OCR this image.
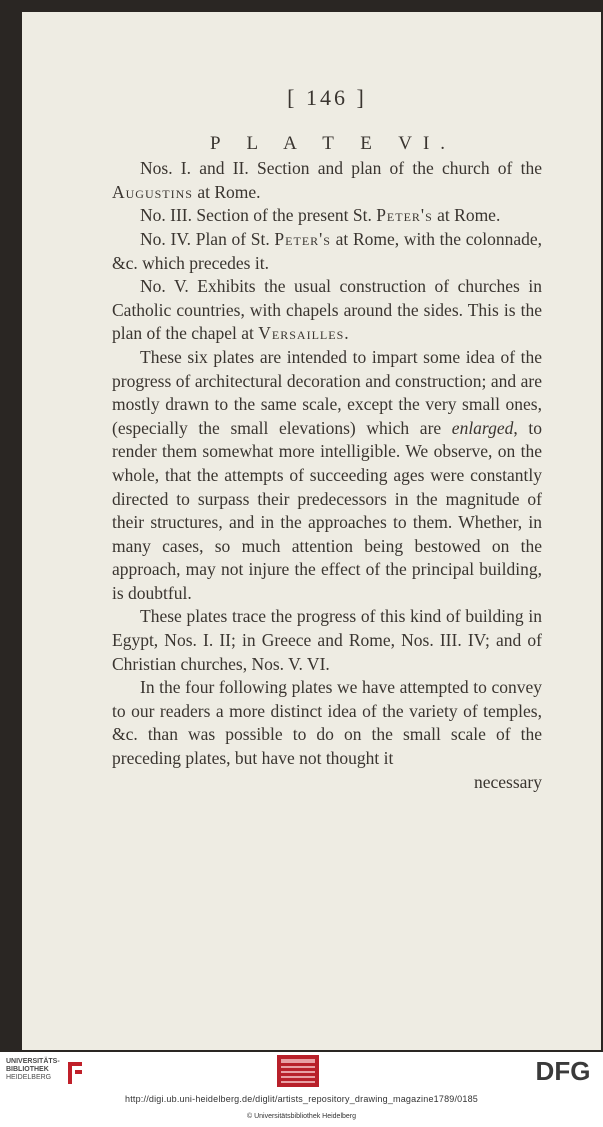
[ 146 ]

P L A T E VI.

Nos. I. and II. Section and plan of the church of the Augustins at Rome.

No. III. Section of the present St. Peter's at Rome.

No. IV. Plan of St. Peter's at Rome, with the colonnade, &c. which precedes it.

No. V. Exhibits the usual construction of churches in Catholic countries, with chapels around the sides. This is the plan of the chapel at Versailles.

These six plates are intended to impart some idea of the progress of architectural decoration and construction; and are mostly drawn to the same scale, except the very small ones, (especially the small elevations) which are enlarged, to render them somewhat more intelligible. We observe, on the whole, that the attempts of succeeding ages were constantly directed to surpass their predecessors in the magnitude of their structures, and in the approaches to them. Whether, in many cases, so much attention being bestowed on the approach, may not injure the effect of the principal building, is doubtful.

These plates trace the progress of this kind of building in Egypt, Nos. I. II; in Greece and Rome, Nos. III. IV; and of Christian churches, Nos. V. VI.

In the four following plates we have attempted to convey to our readers a more distinct idea of the variety of temples, &c. than was possible to do on the small scale of the preceding plates, but have not thought it

necessary

UNIVERSITÄTS-
BIBLIOTHEK
HEIDELBERG	DFG
http://digi.ub.uni-heidelberg.de/diglit/artists_repository_drawing_magazine1789/0185
© Universitätsbibliothek Heidelberg
